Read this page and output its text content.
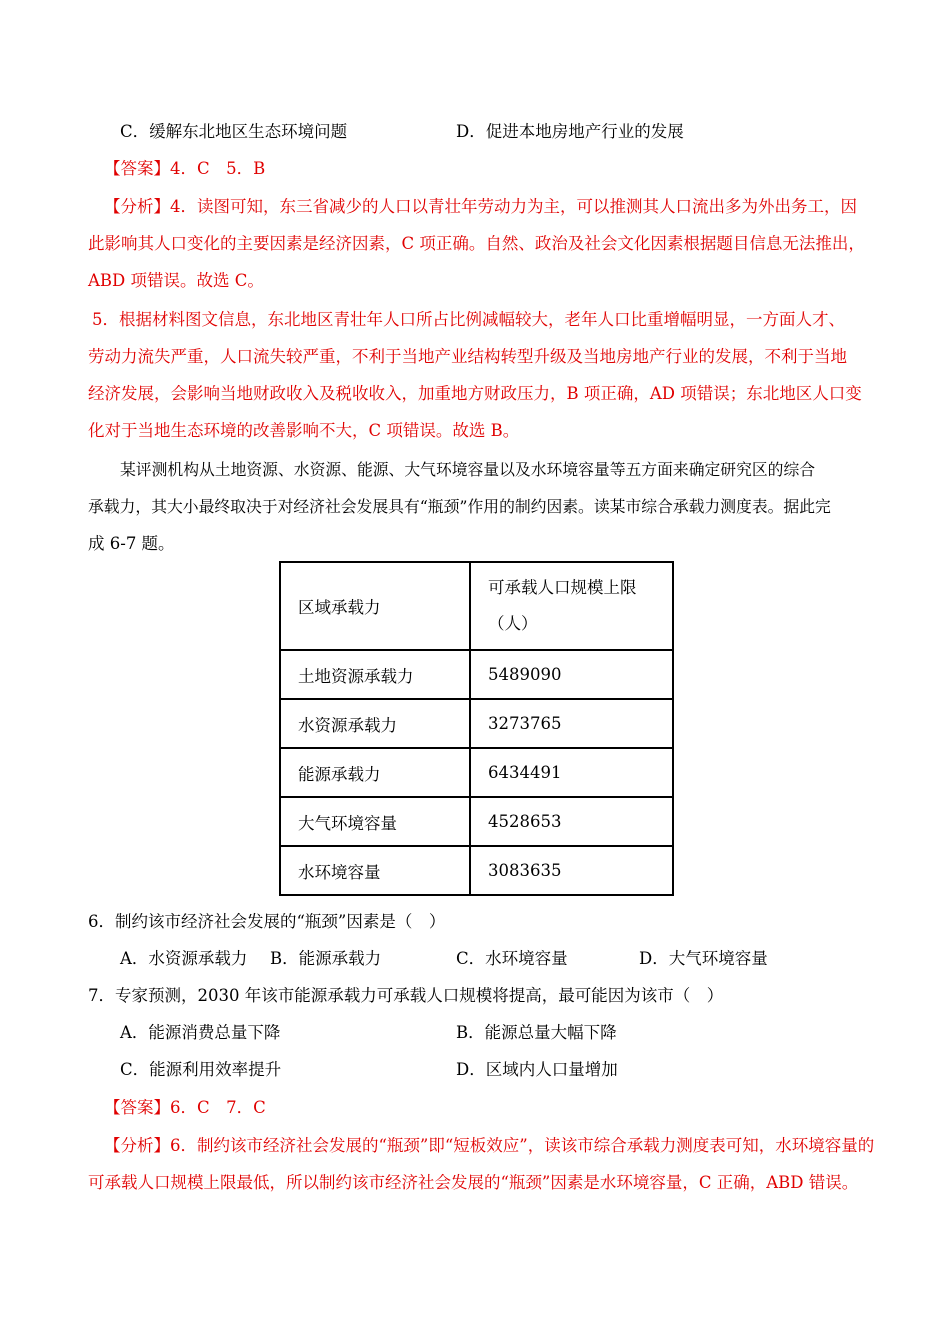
C．缓解东北地区生态环境问题	D．促进本地房地产行业的发展
【答案】4．C　5．B
【分析】4．读图可知，东三省减少的人口以青壮年劳动力为主，可以推测其人口流出多为外出务工，因
此影响其人口变化的主要因素是经济因素，C 项正确。自然、政治及社会文化因素根据题目信息无法推出，
ABD 项错误。故选 C。
5．根据材料图文信息，东北地区青壮年人口所占比例减幅较大，老年人口比重增幅明显，一方面人才、
劳动力流失严重，人口流失较严重，不利于当地产业结构转型升级及当地房地产行业的发展，不利于当地
经济发展，会影响当地财政收入及税收收入，加重地方财政压力，B 项正确，AD 项错误；东北地区人口变
化对于当地生态环境的改善影响不大，C 项错误。故选 B。
某评测机构从土地资源、水资源、能源、大气环境容量以及水环境容量等五方面来确定研究区的综合
承载力，其大小最终取决于对经济社会发展具有“瓶颈”作用的制约因素。读某市综合承载力测度表。据此完
成 6-7 题。
区域承载力	可承载人口规模上限
（人）

土地资源承载力	5489090
水资源承载力	3273765
能源承载力	6434491
大气环境容量	4528653
水环境容量	3083635
6．制约该市经济社会发展的“瓶颈”因素是（　）
A．水资源承载力 B．能源承载力	C．水环境容量	D．大气环境容量
7．专家预测，2030 年该市能源承载力可承载人口规模将提高，最可能因为该市（　）
A．能源消费总量下降	B．能源总量大幅下降
C．能源利用效率提升	D．区域内人口量增加
【答案】6．C　7．C
【分析】6．制约该市经济社会发展的“瓶颈”即“短板效应”，读该市综合承载力测度表可知，水环境容量的
可承载人口规模上限最低，所以制约该市经济社会发展的“瓶颈”因素是水环境容量，C 正确，ABD 错误。
